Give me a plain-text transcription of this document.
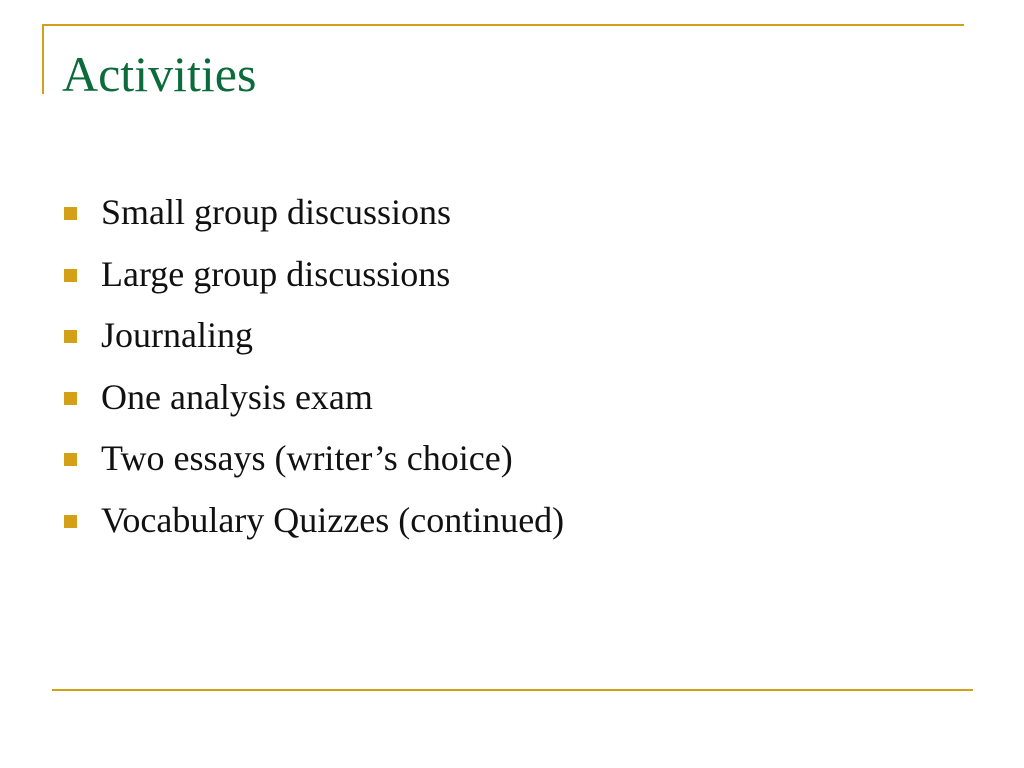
Activities
Small group discussions
Large group discussions
Journaling
One analysis exam
Two essays (writer’s choice)
Vocabulary Quizzes (continued)
